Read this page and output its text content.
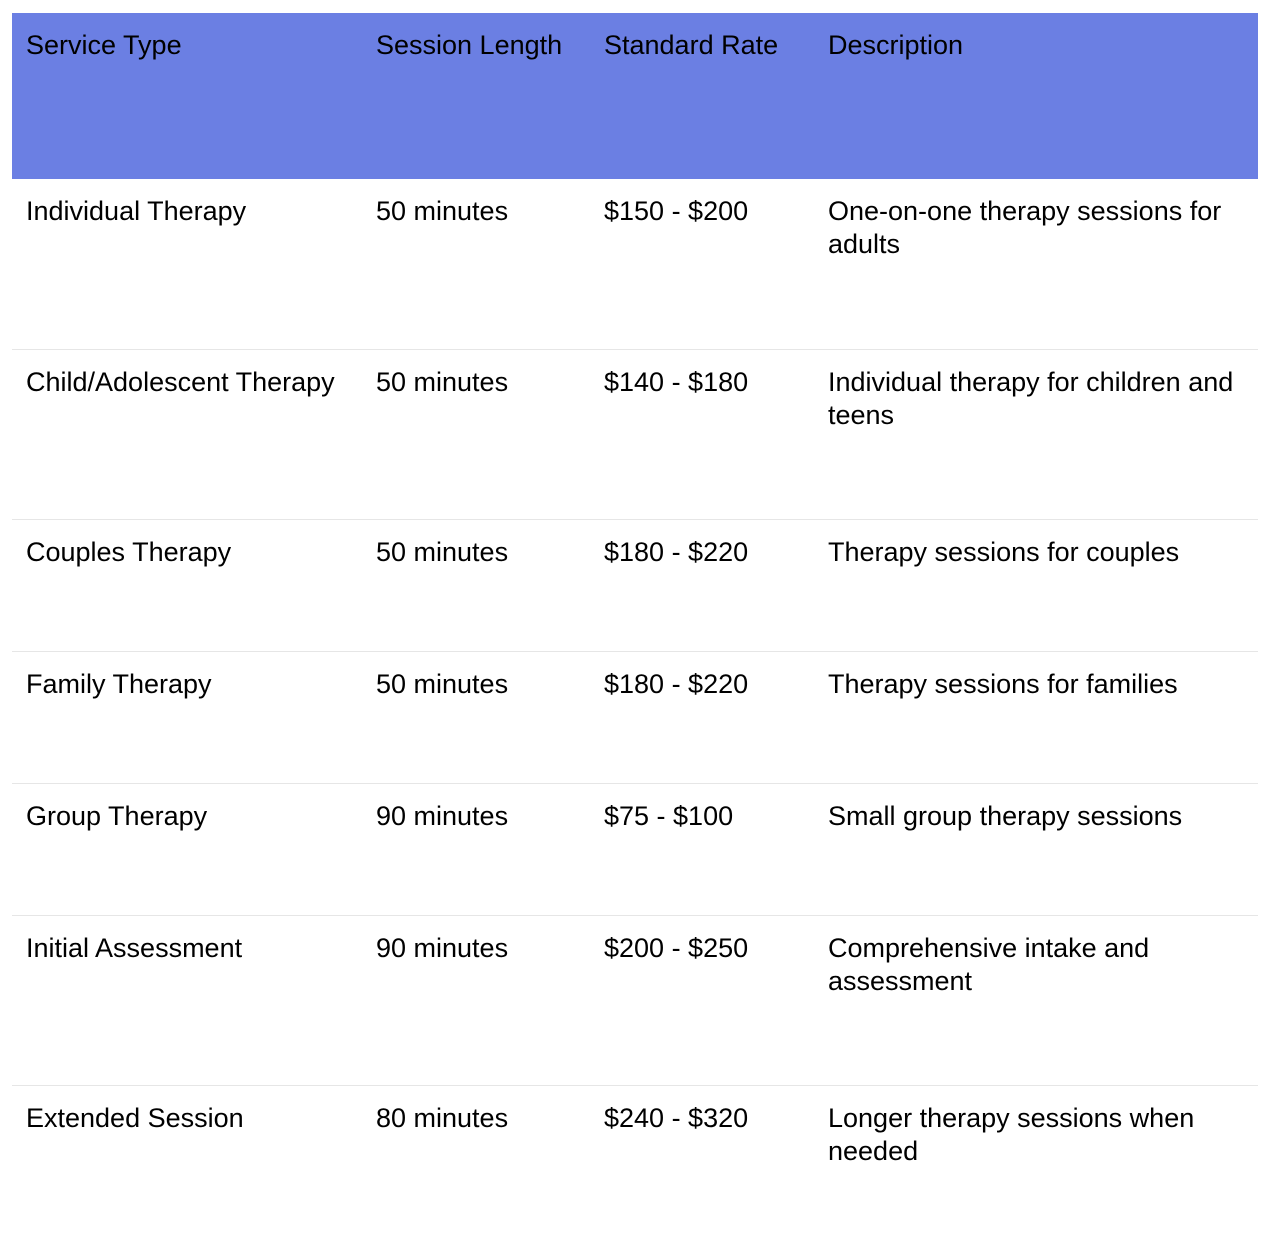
Service Type	Session Length	Standard Rate	Description
Individual Therapy	50 minutes	$150 - $200	One-on-one therapy sessions for adults
Child/Adolescent Therapy	50 minutes	$140 - $180	Individual therapy for children and teens
Couples Therapy	50 minutes	$180 - $220	Therapy sessions for couples
Family Therapy	50 minutes	$180 - $220	Therapy sessions for families
Group Therapy	90 minutes	$75 - $100	Small group therapy sessions
Initial Assessment	90 minutes	$200 - $250	Comprehensive intake and assessment
Extended Session	80 minutes	$240 - $320	Longer therapy sessions when needed
